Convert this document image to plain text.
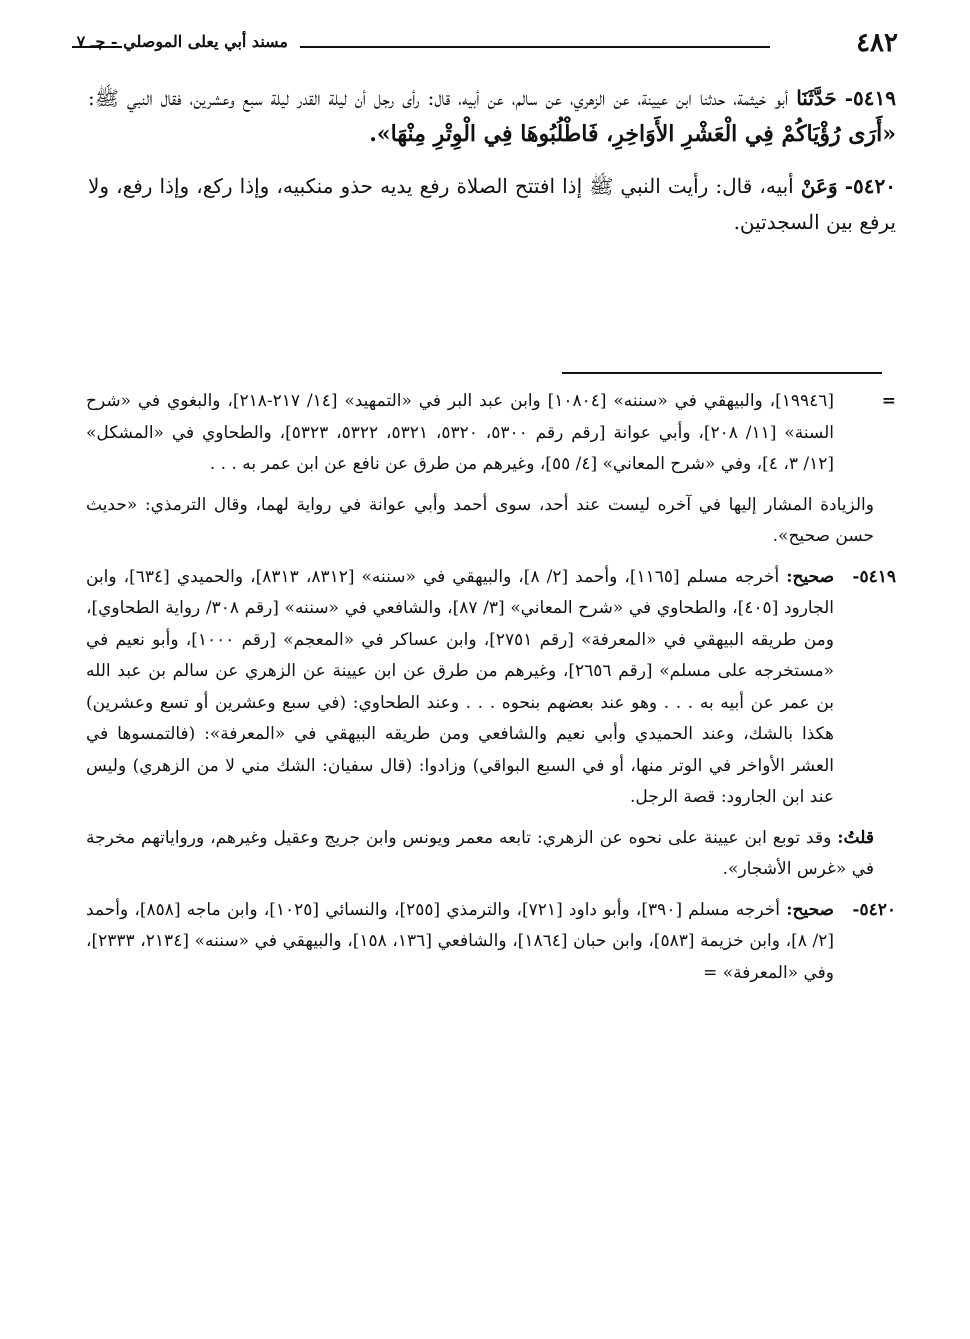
٤٨٢
مسند أبي يعلى الموصلي - جـ ٧

٥٤١٩- حَدَّثَنَا أبو خيثمة، حدثنا ابن عيينة، عن الزهري، عن سالم، عن أبيه، قال: رأى رجل أن ليلة القدر ليلة سبع وعشرين، فقال النبي ﷺ: «أَرَى رُؤْيَاكُمْ فِي الْعَشْرِ الأَوَاخِرِ، فَاطْلُبُوهَا فِي الْوِتْرِ مِنْهَا».

٥٤٢٠- وَعَنْ أبيه، قال: رأيت النبي ﷺ إذا افتتح الصلاة رفع يديه حذو منكبيه، وإذا ركع، وإذا رفع، ولا يرفع بين السجدتين.

=
[١٩٩٤٦]، والبيهقي في «سننه» [١٠٨٠٤] وابن عبد البر في «التمهيد» [١٤/ ٢١٧-٢١٨]، والبغوي في «شرح السنة» [١١/ ٢٠٨]، وأبي عوانة [رقم رقم ٥٣٠٠، ٥٣٢٠، ٥٣٢١، ٥٣٢٢، ٥٣٢٣]، والطحاوي في «المشكل» [١٢/ ٣، ٤]، وفي «شرح المعاني» [٤/ ٥٥]، وغيرهم من طرق عن نافع عن ابن عمر به . . .
والزيادة المشار إليها في آخره ليست عند أحد، سوى أحمد وأبي عوانة في رواية لهما، وقال الترمذي: «حديث حسن صحيح».
٥٤١٩-
صحيح: أخرجه مسلم [١١٦٥]، وأحمد [٢/ ٨]، والبيهقي في «سننه» [٨٣١٢، ٨٣١٣]، والحميدي [٦٣٤]، وابن الجارود [٤٠٥]، والطحاوي في «شرح المعاني» [٣/ ٨٧]، والشافعي في «سننه» [رقم ٣٠٨/ رواية الطحاوي]، ومن طريقه البيهقي في «المعرفة» [رقم ٢٧٥١]، وابن عساكر في «المعجم» [رقم ١٠٠٠]، وأبو نعيم في «مستخرجه على مسلم» [رقم ٢٦٥٦]، وغيرهم من طرق عن ابن عيينة عن الزهري عن سالم بن عبد الله بن عمر عن أبيه به . . . وهو عند بعضهم بنحوه . . . وعند الطحاوي: (في سبع وعشرين أو تسع وعشرين) هكذا بالشك، وعند الحميدي وأبي نعيم والشافعي ومن طريقه البيهقي في «المعرفة»: (فالتمسوها في العشر الأواخر في الوتر منها، أو في السبع البواقي) وزادوا: (قال سفيان: الشك مني لا من الزهري) وليس عند ابن الجارود: قصة الرجل.
قلتُ: وقد توبع ابن عيينة على نحوه عن الزهري: تابعه معمر ويونس وابن جريج وعقيل وغيرهم، ورواياتهم مخرجة في «غرس الأشجار».
٥٤٢٠-
صحيح: أخرجه مسلم [٣٩٠]، وأبو داود [٧٢١]، والترمذي [٢٥٥]، والنسائي [١٠٢٥]، وابن ماجه [٨٥٨]، وأحمد [٢/ ٨]، وابن خزيمة [٥٨٣]، وابن حبان [١٨٦٤]، والشافعي [١٣٦، ١٥٨]، والبيهقي في «سننه» [٢١٣٤، ٢٣٣٣]، وفي «المعرفة» =
